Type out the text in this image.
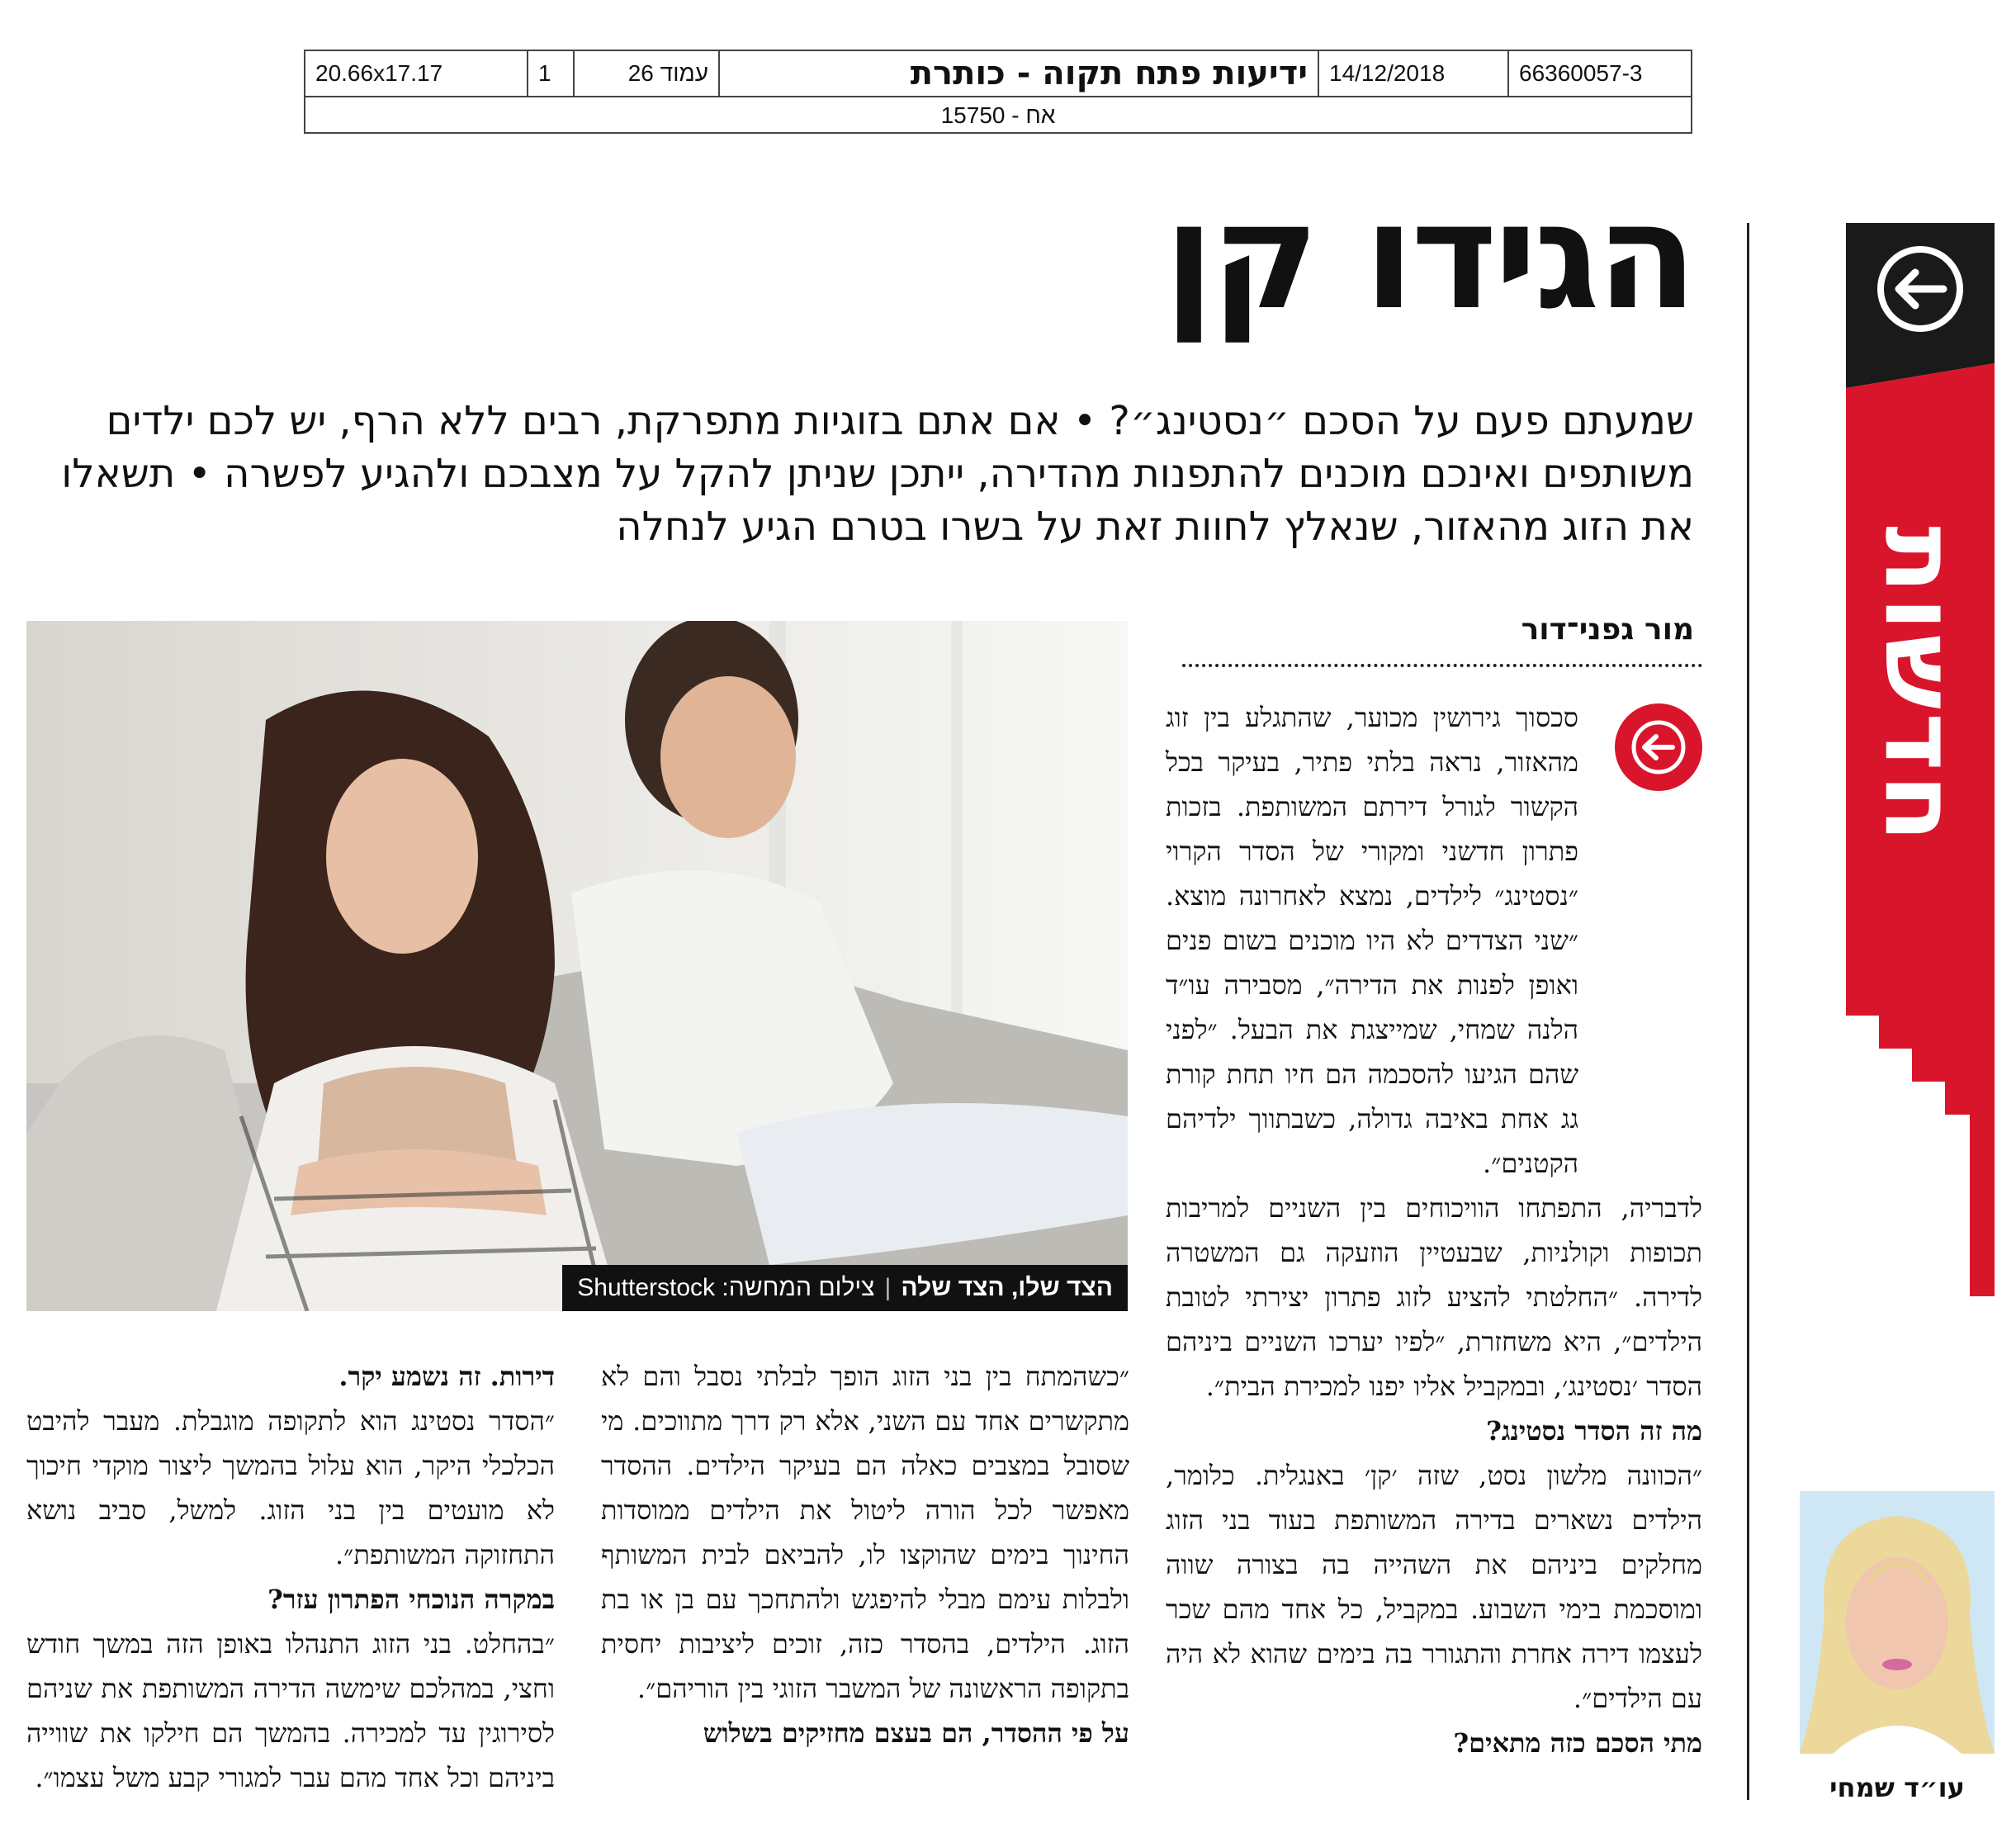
20.66x17.17	1	עמוד 26	ידיעות פתח תקוה - כותרת 14/12/2018	66360057-3
אח - 15750
חדשות
הגידו קן
שמעתם פעם על הסכם ״נסטינג״? • אם אתם בזוגיות מתפרקת, רבים ללא הרף, יש לכם ילדים משותפים ואינכם מוכנים להתפנות מהדירה, ייתכן שניתן להקל על מצבכם ולהגיע לפשרה • תשאלו את הזוג מהאזור, שנאלץ לחוות זאת על בשרו בטרם הגיע לנחלה
מור גפני־דור

סכסוך גירושין מכוער, שהתגלע בין זוג מהאזור, נראה בלתי פתיר, בעיקר בכל הקשור לגורל דירתם המשותפת. בזכות פתרון חדשני ומקורי של הסדר הקרוי ״נסטינג״ לילדים, נמצא לאחרונה מוצא. ״שני הצדדים לא היו מוכנים בשום פנים ואופן לפנות את הדירה״, מסבירה עו״ד הלנה שמחי, שמייצגת את הבעל. ״לפני שהם הגיעו להסכמה הם חיו תחת קורת גג אחת באיבה גדולה, כשבתווך ילדיהם הקטנים״.

לדבריה, התפתחו הוויכוחים בין השניים למריבות תכופות וקולניות, שבעטיין הוזעקה גם המשטרה לדירה. ״החלטתי להציע לזוג פתרון יצירתי לטובת הילדים״, היא משחזרת, ״לפיו יערכו השניים ביניהם הסדר ׳נסטינג׳, ובמקביל אליו יפנו למכירת הבית״.

מה זה הסדר נסטינג?

״הכוונה מלשון נסט, שזה ׳קן׳ באנגלית. כלומר, הילדים נשארים בדירה המשותפת בעוד בני הזוג מחלקים ביניהם את השהייה בה בצורה שווה ומוסכמת בימי השבוע. במקביל, כל אחד מהם שכר לעצמו דירה אחרת והתגורר בה בימים שהוא לא היה עם הילדים״.

מתי הסכם כזה מתאים?

הצד שלו, הצד שלה
|
צילום המחשה: Shutterstock

״כשהמתח בין בני הזוג הופך לבלתי נסבל והם לא מתקשרים אחד עם השני, אלא רק דרך מתווכים. מי שסובל במצבים כאלה הם בעיקר הילדים. ההסדר מאפשר לכל הורה ליטול את הילדים ממוסדות החינוך בימים שהוקצו לו, להביאם לבית המשותף ולבלות עימם מבלי להיפגש ולהתחכך עם בן או בת הזוג. הילדים, בהסדר כזה, זוכים ליציבות יחסית בתקופה הראשונה של המשבר הזוגי בין הוריהם״.

על פי ההסדר, הם בעצם מחזיקים בשלוש

דירות. זה נשמע יקר.

״הסדר נסטינג הוא לתקופה מוגבלת. מעבר להיבט הכלכלי היקר, הוא עלול בהמשך ליצור מוקדי חיכוך לא מועטים בין בני הזוג. למשל, סביב נושא התחזוקה המשותפת״.

במקרה הנוכחי הפתרון עזר?

״בהחלט. בני הזוג התנהלו באופן הזה במשך חודש וחצי, במהלכם שימשה הדירה המשותפת את שניהם לסירוגין עד למכירה. בהמשך הם חילקו את שווייה ביניהם וכל אחד מהם עבר למגורי קבע משל עצמו״.	עו״ד שמחי
